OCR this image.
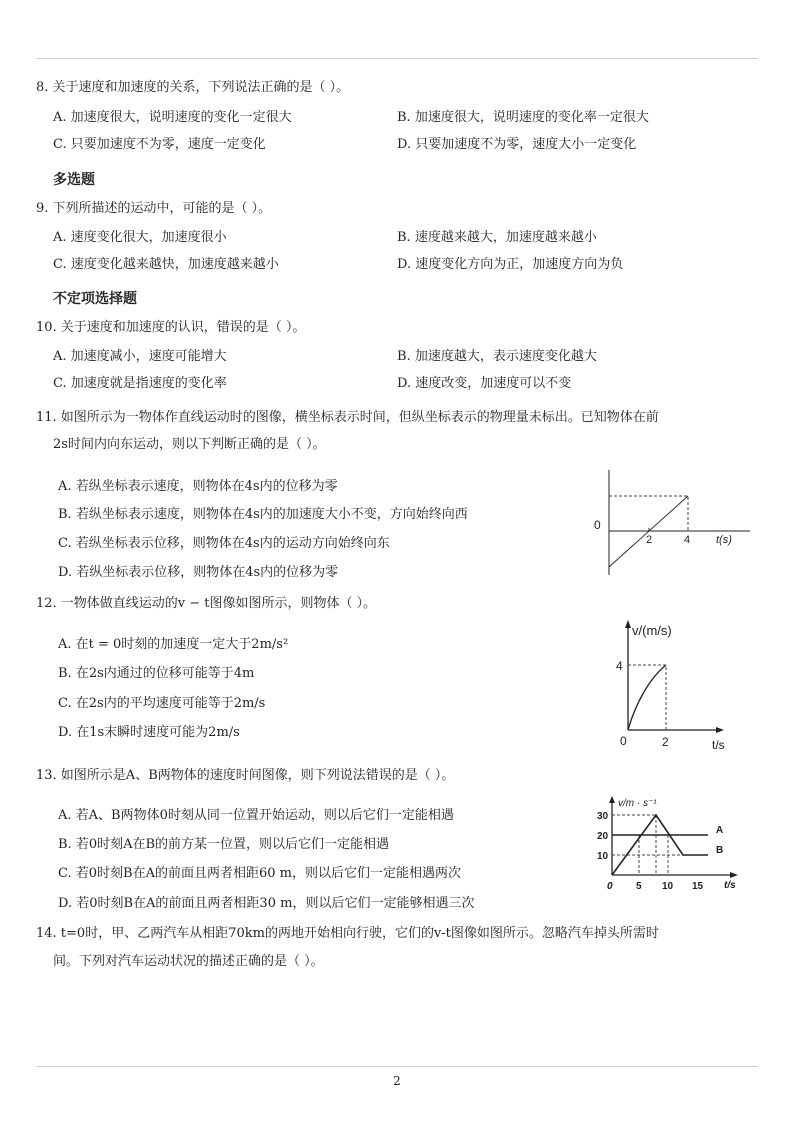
8. 关于速度和加速度的关系，下列说法正确的是（ ）。
A. 加速度很大，说明速度的变化一定很大	B. 加速度很大，说明速度的变化率一定很大
C. 只要加速度不为零，速度一定变化	D. 只要加速度不为零，速度大小一定变化
多选题
9. 下列所描述的运动中，可能的是（ ）。
A. 速度变化很大，加速度很小	B. 速度越来越大，加速度越来越小
C. 速度变化越来越快，加速度越来越小	D. 速度变化方向为正，加速度方向为负
不定项选择题
10. 关于速度和加速度的认识，错误的是（ ）。
A. 加速度减小，速度可能增大	B. 加速度越大，表示速度变化越大
C. 加速度就是指速度的变化率	D. 速度改变，加速度可以不变
11. 如图所示为一物体作直线运动时的图像，横坐标表示时间，但纵坐标表示的物理量未标出。已知物体在前
2s时间内向东运动，则以下判断正确的是（ ）。
A. 若纵坐标表示速度，则物体在4s内的位移为零
B. 若纵坐标表示速度，则物体在4s内的加速度大小不变，方向始终向西
C. 若纵坐标表示位移，则物体在4s内的运动方向始终向东
D. 若纵坐标表示位移，则物体在4s内的位移为零
0
2	4 t(s)
12. 一物体做直线运动的v − t图像如图所示，则物体（ ）。
A. 在t = 0时刻的加速度一定大于2m/s²
B. 在2s内通过的位移可能等于4m
C. 在2s内的平均速度可能等于2m/s
D. 在1s末瞬时速度可能为2m/s
v/(m/s)
4
0	2	t/s
13. 如图所示是A、B两物体的速度时间图像，则下列说法错误的是（ ）。
A. 若A、B两物体0时刻从同一位置开始运动，则以后它们一定能相遇
B. 若0时刻A在B的前方某一位置，则以后它们一定能相遇
C. 若0时刻B在A的前面且两者相距60 m，则以后它们一定能相遇两次
D. 若0时刻B在A的前面且两者相距30 m，则以后它们一定能够相遇三次
v/m · s⁻¹
30
20
10
0 5 10 15 t/s
A
B
14. t=0时，甲、乙两汽车从相距70km的两地开始相向行驶，它们的v-t图像如图所示。忽略汽车掉头所需时
间。下列对汽车运动状况的描述正确的是（ ）。
2
